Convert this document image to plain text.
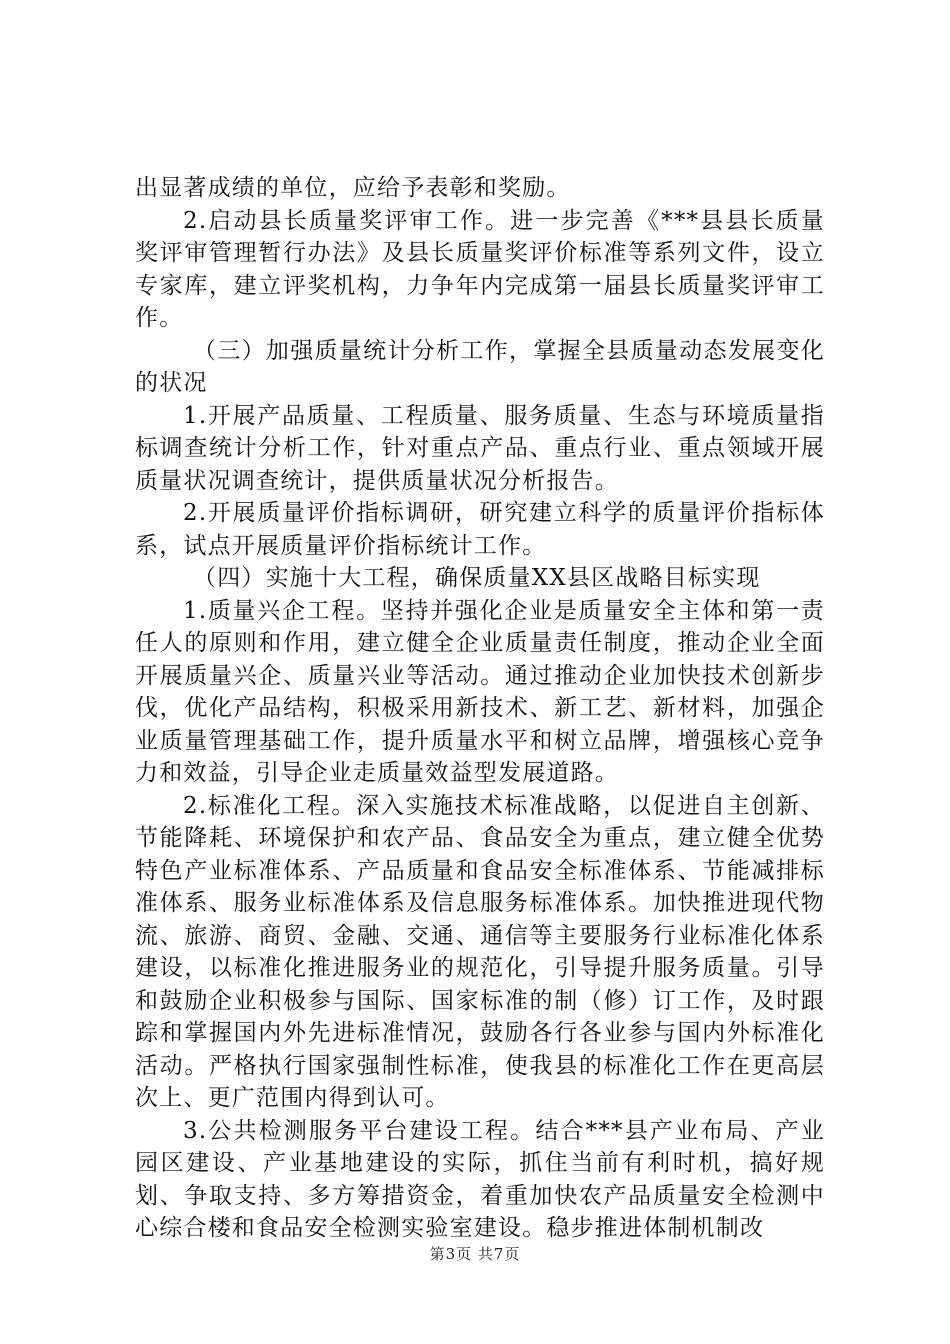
出显著成绩的单位，应给予表彰和奖励。

2.启动县长质量奖评审工作。进一步完善《***县县长质量奖评审管理暂行办法》及县长质量奖评价标准等系列文件，设立专家库，建立评奖机构，力争年内完成第一届县长质量奖评审工作。

（三）加强质量统计分析工作，掌握全县质量动态发展变化的状况

1.开展产品质量、工程质量、服务质量、生态与环境质量指标调查统计分析工作，针对重点产品、重点行业、重点领域开展质量状况调查统计，提供质量状况分析报告。

2.开展质量评价指标调研，研究建立科学的质量评价指标体系，试点开展质量评价指标统计工作。

（四）实施十大工程，确保质量XX县区战略目标实现

1.质量兴企工程。坚持并强化企业是质量安全主体和第一责任人的原则和作用，建立健全企业质量责任制度，推动企业全面开展质量兴企、质量兴业等活动。通过推动企业加快技术创新步伐，优化产品结构，积极采用新技术、新工艺、新材料，加强企业质量管理基础工作，提升质量水平和树立品牌，增强核心竞争力和效益，引导企业走质量效益型发展道路。

2.标准化工程。深入实施技术标准战略，以促进自主创新、节能降耗、环境保护和农产品、食品安全为重点，建立健全优势特色产业标准体系、产品质量和食品安全标准体系、节能减排标准体系、服务业标准体系及信息服务标准体系。加快推进现代物流、旅游、商贸、金融、交通、通信等主要服务行业标准化体系建设，以标准化推进服务业的规范化，引导提升服务质量。引导和鼓励企业积极参与国际、国家标准的制（修）订工作，及时跟踪和掌握国内外先进标准情况，鼓励各行各业参与国内外标准化活动。严格执行国家强制性标准，使我县的标准化工作在更高层次上、更广范围内得到认可。

3.公共检测服务平台建设工程。结合***县产业布局、产业园区建设、产业基地建设的实际，抓住当前有利时机，搞好规划、争取支持、多方筹措资金，着重加快农产品质量安全检测中心综合楼和食品安全检测实验室建设。稳步推进体制机制改

第3页 共7页
